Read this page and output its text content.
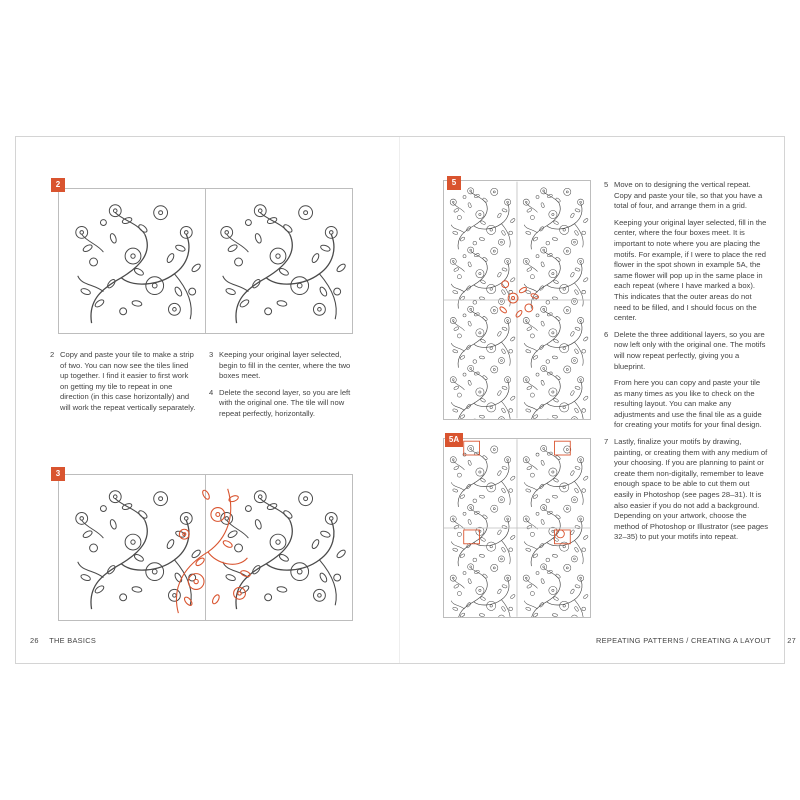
2
2 Copy and paste your tile to make a strip of two. You can now see the tiles lined up together. I find it easier to first work on getting my tile to repeat in one direction (in this case horizontally) and will work the repeat vertically separately.

3 Keeping your original layer selected, begin to fill in the center, where the two boxes meet.

4 Delete the second layer, so you are left with the original one. The tile will now repeat perfectly, horizontally.

3
26 THE BASICS
5
5A
5 Move on to designing the vertical repeat. Copy and paste your tile, so that you have a total of four, and arrange them in a grid.

Keeping your original layer selected, fill in the center, where the four boxes meet. It is important to note where you are placing the motifs. For example, if I were to place the red flower in the spot shown in example 5A, the same flower will pop up in the same place in each repeat (where I have marked a box). This indicates that the outer areas do not need to be filled, and I should focus on the center.

6 Delete the three additional layers, so you are now left only with the original one. The motifs will now repeat perfectly, giving you a blueprint.

From here you can copy and paste your tile as many times as you like to check on the resulting layout. You can make any adjustments and use the final tile as a guide for creating your motifs for your final design.

7 Lastly, finalize your motifs by drawing, painting, or creating them with any medium of your choosing. If you are planning to paint or create them non-digitally, remember to leave enough space to be able to cut them out easily in Photoshop (see pages 28–31). It is also easier if you do not add a background. Depending on your artwork, choose the method of Photoshop or Illustrator (see pages 32–35) to put your motifs into repeat.

REPEATING PATTERNS / CREATING A LAYOUT 27
